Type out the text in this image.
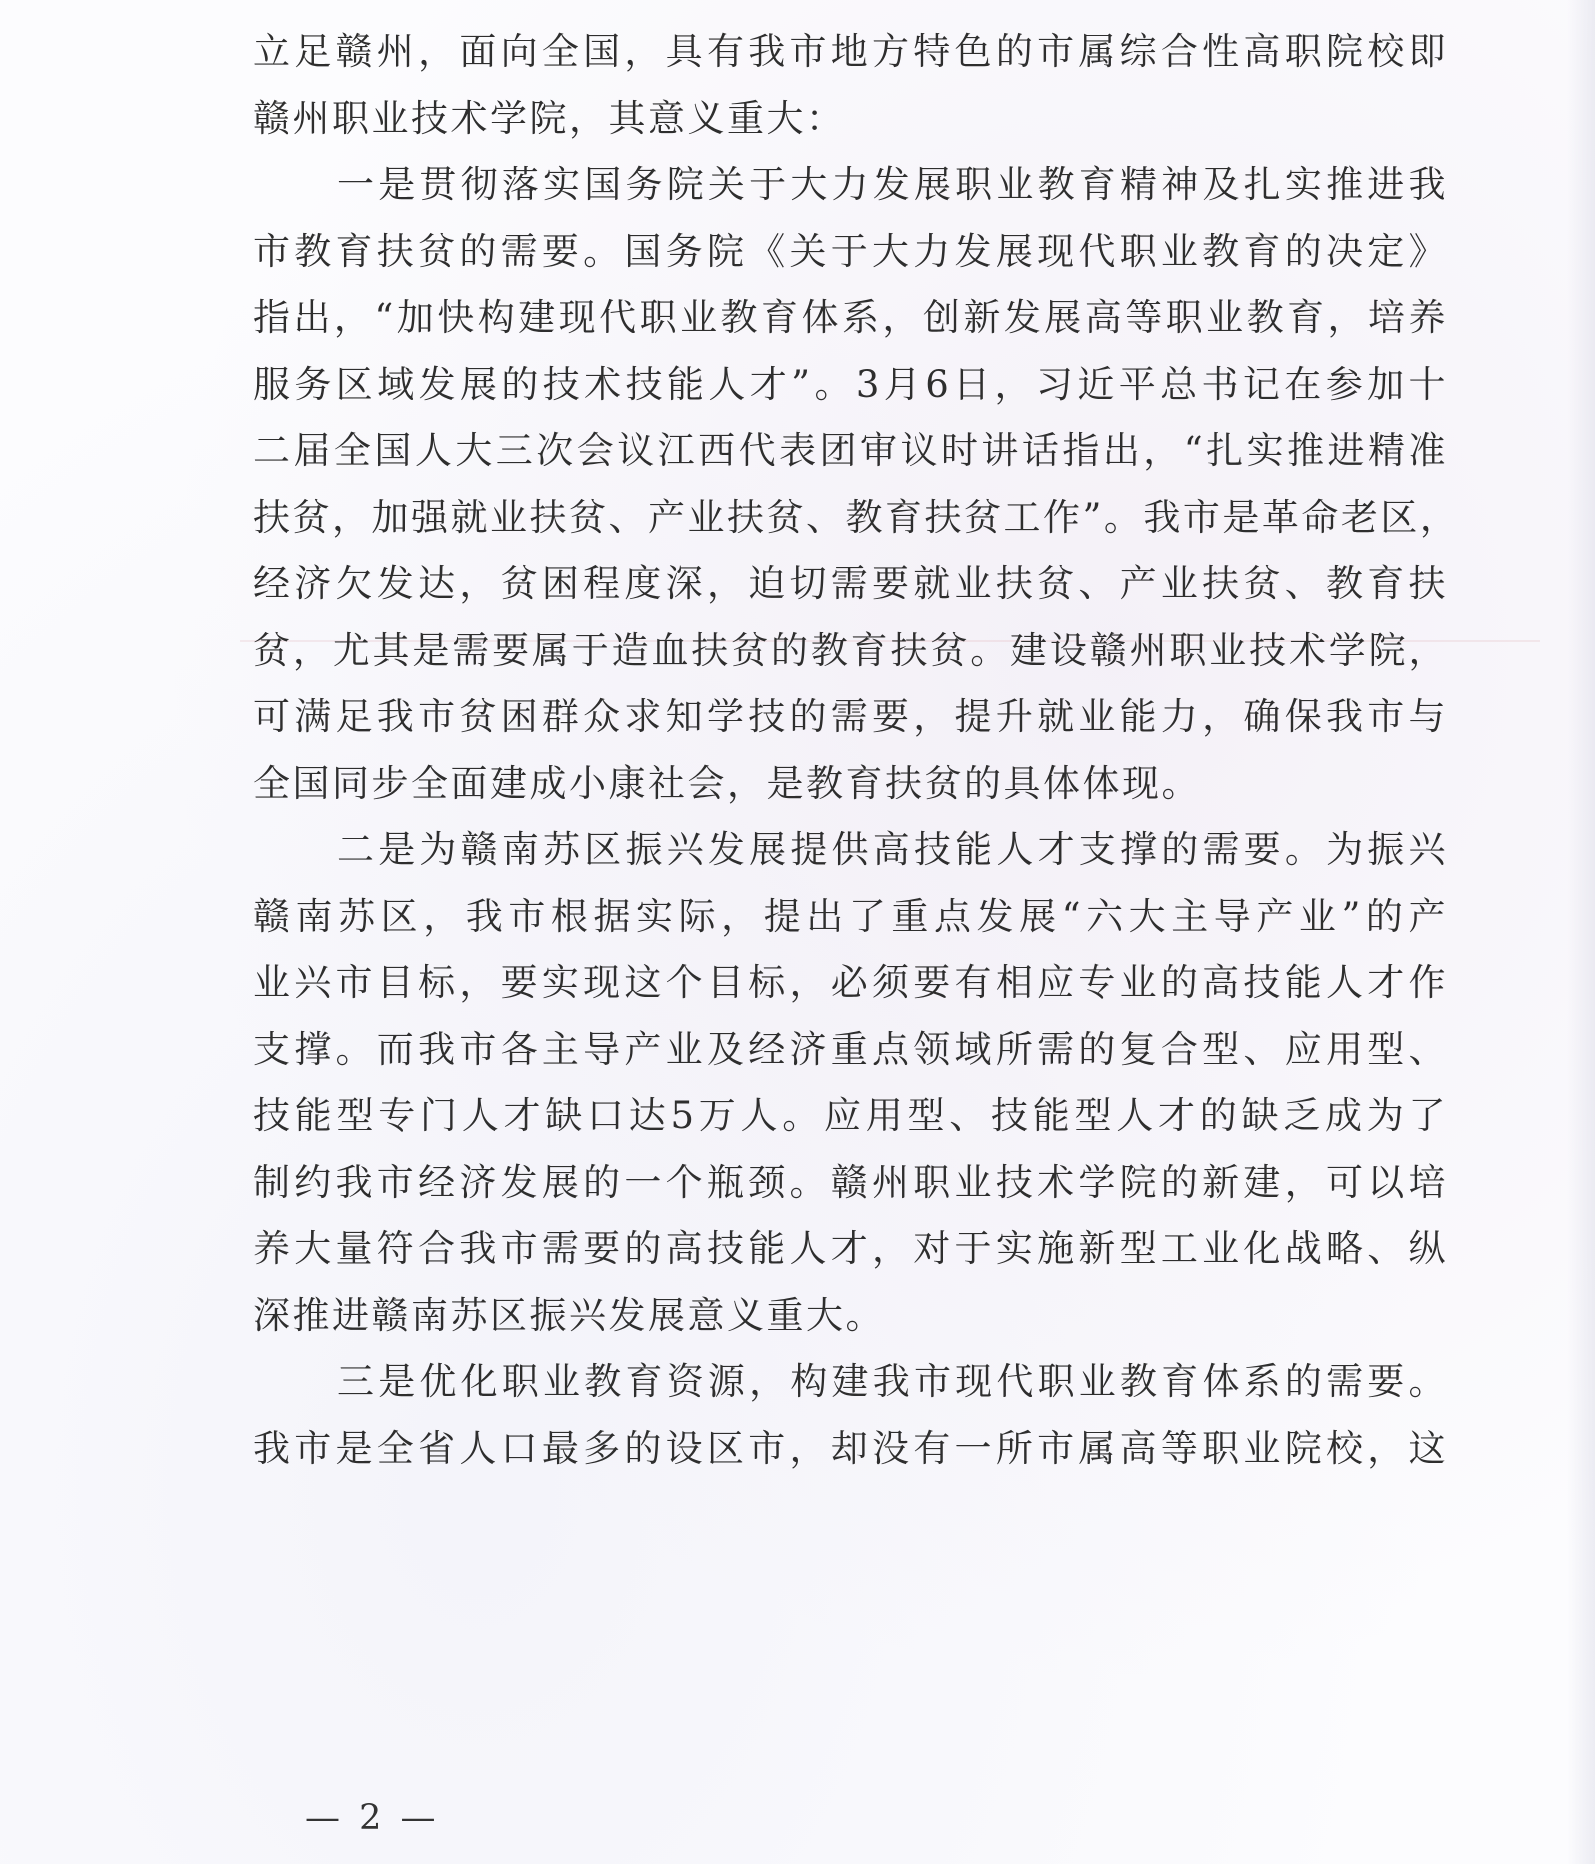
立足赣州，面向全国，具有我市地方特色的市属综合性高职院校即
赣州职业技术学院，其意义重大：
一是贯彻落实国务院关于大力发展职业教育精神及扎实推进我
市教育扶贫的需要。国务院《关于大力发展现代职业教育的决定》
指出，“加快构建现代职业教育体系，创新发展高等职业教育，培养
服务区域发展的技术技能人才”。3月6日，习近平总书记在参加十
二届全国人大三次会议江西代表团审议时讲话指出，“扎实推进精准
扶贫，加强就业扶贫、产业扶贫、教育扶贫工作”。我市是革命老区，
经济欠发达，贫困程度深，迫切需要就业扶贫、产业扶贫、教育扶
贫，尤其是需要属于造血扶贫的教育扶贫。建设赣州职业技术学院，
可满足我市贫困群众求知学技的需要，提升就业能力，确保我市与
全国同步全面建成小康社会，是教育扶贫的具体体现。
二是为赣南苏区振兴发展提供高技能人才支撑的需要。为振兴
赣南苏区，我市根据实际，提出了重点发展“六大主导产业”的产
业兴市目标，要实现这个目标，必须要有相应专业的高技能人才作
支撑。而我市各主导产业及经济重点领域所需的复合型、应用型、
技能型专门人才缺口达5万人。应用型、技能型人才的缺乏成为了
制约我市经济发展的一个瓶颈。赣州职业技术学院的新建，可以培
养大量符合我市需要的高技能人才，对于实施新型工业化战略、纵
深推进赣南苏区振兴发展意义重大。
三是优化职业教育资源，构建我市现代职业教育体系的需要。
我市是全省人口最多的设区市，却没有一所市属高等职业院校，这
— 2 —
